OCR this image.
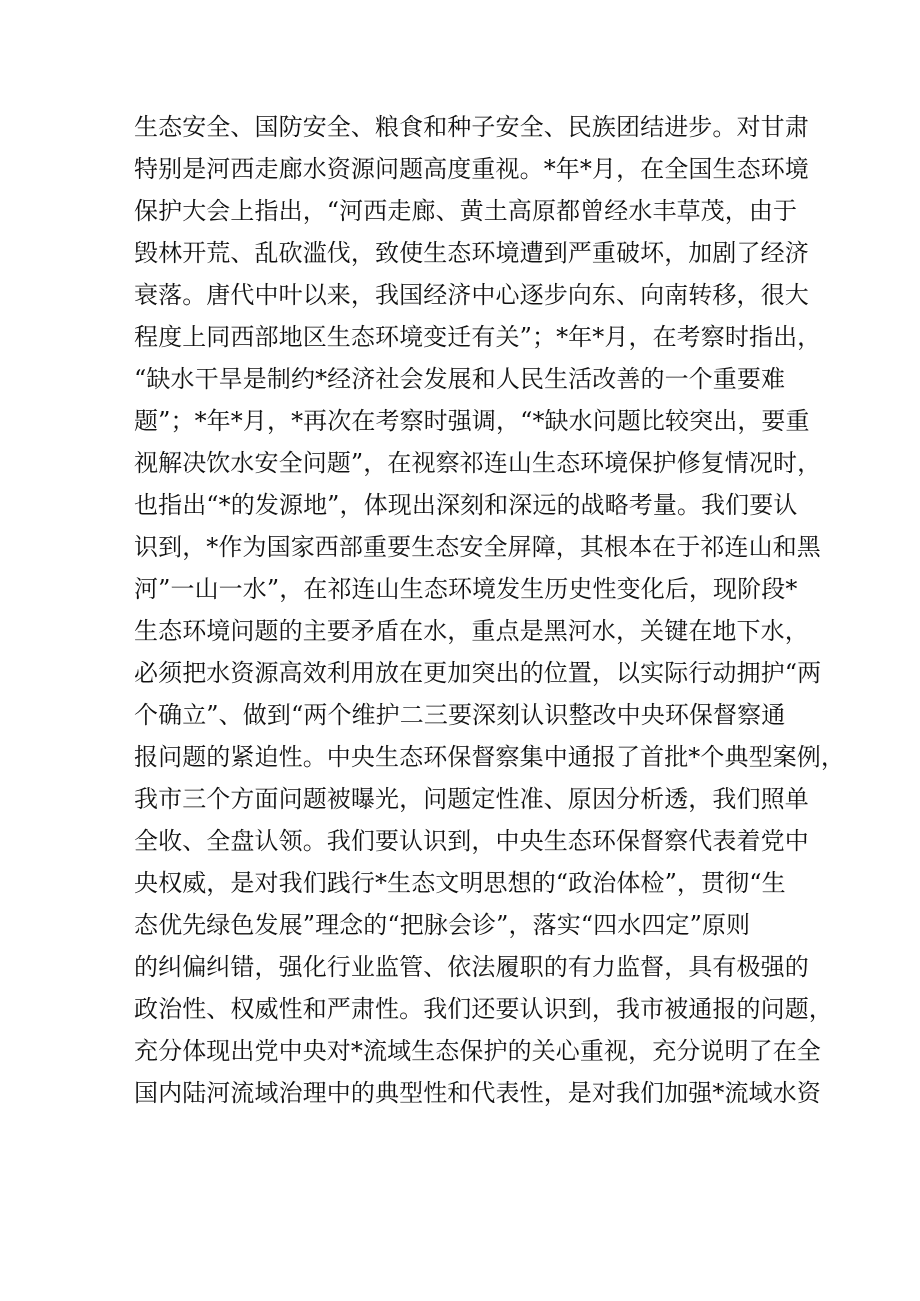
生态安全、国防安全、粮食和种子安全、民族团结进步。对甘肃
特别是河西走廊水资源问题高度重视。*年*月，在全国生态环境
保护大会上指出，“河西走廊、黄土高原都曾经水丰草茂，由于
毁林开荒、乱砍滥伐，致使生态环境遭到严重破坏，加剧了经济
衰落。唐代中叶以来，我国经济中心逐步向东、向南转移，很大
程度上同西部地区生态环境变迁有关”；*年*月，在考察时指出，
“缺水干旱是制约*经济社会发展和人民生活改善的一个重要难
题”；*年*月，*再次在考察时强调，“*缺水问题比较突出，要重
视解决饮水安全问题”，在视察祁连山生态环境保护修复情况时，
也指出“*的发源地”，体现出深刻和深远的战略考量。我们要认
识到，*作为国家西部重要生态安全屏障，其根本在于祁连山和黑
河”一山一水”，在祁连山生态环境发生历史性变化后，现阶段*
生态环境问题的主要矛盾在水，重点是黑河水，关键在地下水，
必须把水资源高效利用放在更加突出的位置，以实际行动拥护“两
个确立”、做到“两个维护二三要深刻认识整改中央环保督察通
报问题的紧迫性。中央生态环保督察集中通报了首批*个典型案例，
我市三个方面问题被曝光，问题定性准、原因分析透，我们照单
全收、全盘认领。我们要认识到，中央生态环保督察代表着党中
央权威，是对我们践行*生态文明思想的“政治体检”，贯彻“生
态优先绿色发展”理念的“把脉会诊”，落实“四水四定”原则
的纠偏纠错，强化行业监管、依法履职的有力监督，具有极强的
政治性、权威性和严肃性。我们还要认识到，我市被通报的问题，
充分体现出党中央对*流域生态保护的关心重视，充分说明了在全
国内陆河流域治理中的典型性和代表性，是对我们加强*流域水资
